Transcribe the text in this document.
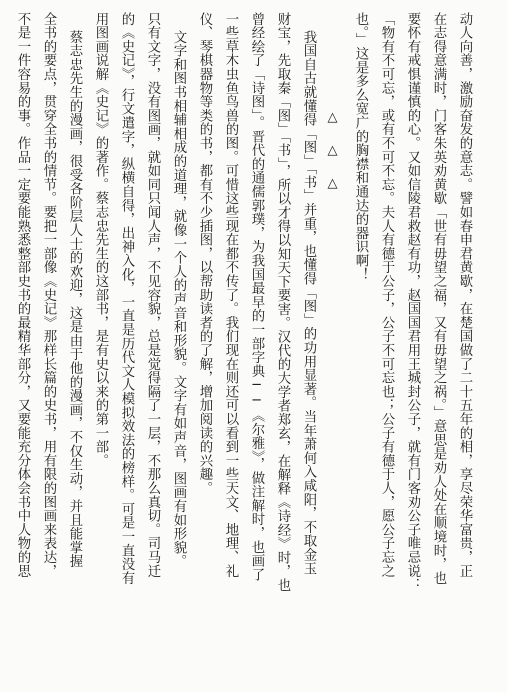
动人向善，激励奋发的意志。譬如春申君黄歇，在楚国做了二十五年的相，享尽荣华富贵，正
在志得意满时，门客朱英劝黄歇「世有毋望之福，又有毋望之祸。」意思是劝人处在顺境时，也
要怀有戒惧谨慎的心。又如信陵君救赵有功，赵国国君用王城封公子，就有门客劝公子唯忌说：
「物有不可忘，或有不可不忘。夫人有德于公子，公子不可忘也；公子有德于人，愿公子忘之
也。」这是多么宽广的胸襟和通达的器识啊！
△△△
我国自古就懂得「图」「书」并重，也懂得「图」的功用显著。当年萧何入咸阳，不取金玉
财宝，先取秦「图」「书」，所以才得以知天下要害。汉代的大学者郑玄，在解释《诗经》时，也
曾经绘了「诗图」。晋代的通儒郭璞，为我国最早的一部字典──《尔雅》，做注解时，也画了
一些草木虫鱼鸟兽的图。可惜这些现在都不传了。我们现在则还可以看到一些天文、地理、礼
仪、琴棋器物等类的书，都有不少插图，以帮助读者的了解，增加阅读的兴趣。
文字和图书相辅相成的道理，就像一个人的声音和形貌。文字有如声音，图画有如形貌。
只有文字，没有图画，就如同只闻人声，不见容貌，总是觉得隔了一层，不那么真切。司马迁
的《史记》，行文遣字，纵横自得，出神入化，一直是历代文人模拟效法的榜样。可是一直没有
用图画说解《史记》的著作。蔡志忠先生的这部书，是有史以来的第一部。
蔡志忠先生的漫画，很受各阶层人士的欢迎，这是由于他的漫画，不仅生动，并且能掌握
全书的要点，贯穿全书的情节。要把一部像《史记》那样长篇的史书，用有限的图画来表达，
不是一件容易的事。作品一定要能熟悉整部史书的最精华部分，又要能充分体会书中人物的思
